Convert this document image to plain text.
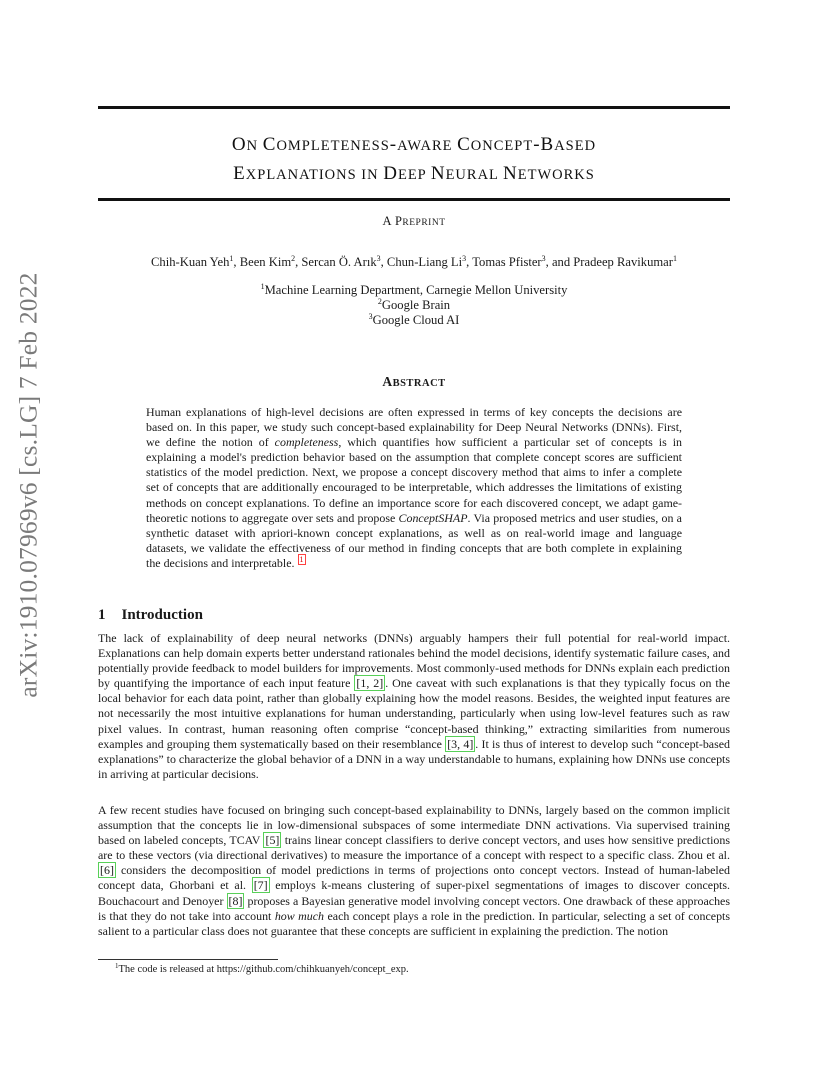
arXiv:1910.07969v6 [cs.LG] 7 Feb 2022
ON COMPLETENESS-AWARE CONCEPT-BASED
EXPLANATIONS IN DEEP NEURAL NETWORKS
A PREPRINT
Chih-Kuan Yeh$^1$, Been Kim$^2$, Sercan Ö. Arık$^3$, Chun-Liang Li$^3$, Tomas Pfister$^3$, and Pradeep Ravikumar$^1$
$^1$Machine Learning Department, Carnegie Mellon University
$^2$Google Brain
$^3$Google Cloud AI
ABSTRACT

Human explanations of high-level decisions are often expressed in terms of key concepts the decisions are based on. In this paper, we study such concept-based explainability for Deep Neural Networks (DNNs). First, we define the notion of completeness, which quantifies how sufficient a particular set of concepts is in explaining a model's prediction behavior based on the assumption that complete concept scores are sufficient statistics of the model prediction. Next, we propose a concept discovery method that aims to infer a complete set of concepts that are additionally encouraged to be interpretable, which addresses the limitations of existing methods on concept explanations. To define an importance score for each discovered concept, we adapt game-theoretic notions to aggregate over sets and propose ConceptSHAP. Via proposed metrics and user studies, on a synthetic dataset with apriori-known concept explanations, as well as on real-world image and language datasets, we validate the effectiveness of our method in finding concepts that are both complete in explaining the decisions and interpretable. $^1$

1 Introduction

The lack of explainability of deep neural networks (DNNs) arguably hampers their full potential for real-world impact. Explanations can help domain experts better understand rationales behind the model decisions, identify systematic failure cases, and potentially provide feedback to model builders for improvements. Most commonly-used methods for DNNs explain each prediction by quantifying the importance of each input feature [1, 2] . One caveat with such explanations is that they typically focus on the local behavior for each data point, rather than globally explaining how the model reasons. Besides, the weighted input features are not necessarily the most intuitive explanations for human understanding, particularly when using low-level features such as raw pixel values. In contrast, human reasoning often comprise “concept-based thinking,” extracting similarities from numerous examples and grouping them systematically based on their resemblance [3, 4] . It is thus of interest to develop such “concept-based explanations” to characterize the global behavior of a DNN in a way understandable to humans, explaining how DNNs use concepts in arriving at particular decisions.

A few recent studies have focused on bringing such concept-based explainability to DNNs, largely based on the common implicit assumption that the concepts lie in low-dimensional subspaces of some intermediate DNN activations. Via supervised training based on labeled concepts, TCAV [5] trains linear concept classifiers to derive concept vectors, and uses how sensitive predictions are to these vectors (via directional derivatives) to measure the importance of a concept with respect to a specific class. Zhou et al. [6] considers the decomposition of model predictions in terms of projections onto concept vectors. Instead of human-labeled concept data, Ghorbani et al. [7] employs k-means clustering of super-pixel segmentations of images to discover concepts. Bouchacourt and Denoyer [8] proposes a Bayesian generative model involving concept vectors. One drawback of these approaches is that they do not take into account how much each concept plays a role in the prediction. In particular, selecting a set of concepts salient to a particular class does not guarantee that these concepts are sufficient in explaining the prediction. The notion

$^1$The code is released at https://github.com/chihkuanyeh/concept_exp.
